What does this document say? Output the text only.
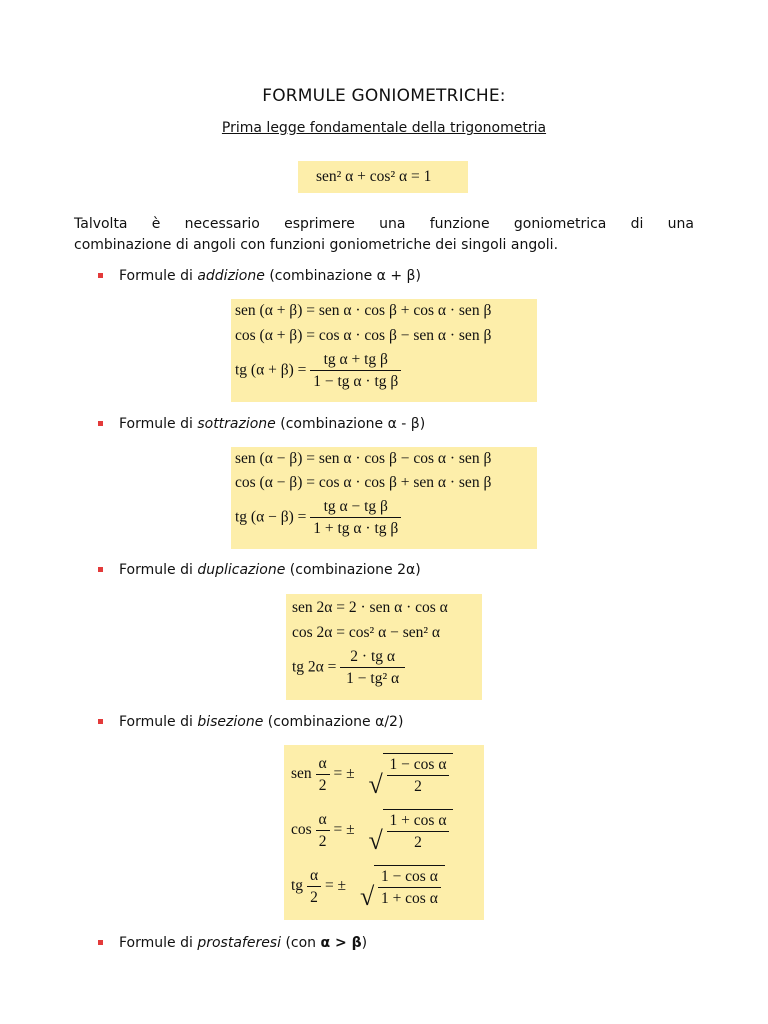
FORMULE GONIOMETRICHE:
Prima legge fondamentale della trigonometria
sen² α + cos² α = 1
Talvolta è necessario esprimere una funzione goniometrica di una
combinazione di angoli con funzioni goniometriche dei singoli angoli.
Formule di addizione (combinazione α + β)
sen (α + β) = sen α · cos β + cos α · sen β
cos (α + β) = cos α · cos β − sen α · sen β
tg $(\alpha + \beta) = \frac{\text{tg α + tg β}}{\text{1 − tg α · tg β}}$
Formule di sottrazione (combinazione α - β)
sen (α − β) = sen α · cos β − cos α · sen β
cos (α − β) = cos α · cos β + sen α · sen β
tg $(\alpha - \beta) = \frac{\text{tg α − tg β}}{\text{1 + tg α · tg β}}$
Formule di duplicazione (combinazione 2α)
sen 2α = 2 · sen α · cos α
cos 2α = cos² α − sen² α
tg $2\alpha = \frac{\text{2 · tg α}}{\text{1 − tg² α}}$
Formule di bisezione (combinazione α/2)
sen $\frac{\alpha}{2}$ = ± √ $\frac{\text{1 − cos α}}{2}$
$\cos \frac{\alpha}{2}$ = ± √ $\frac{\text{1 + cos α}}{2}$
tg $\frac{\alpha}{2}$ = ± √ $\frac{\text{1 − cos α}}{\text{1 + cos α}}$
Formule di prostaferesi (con α > β)
